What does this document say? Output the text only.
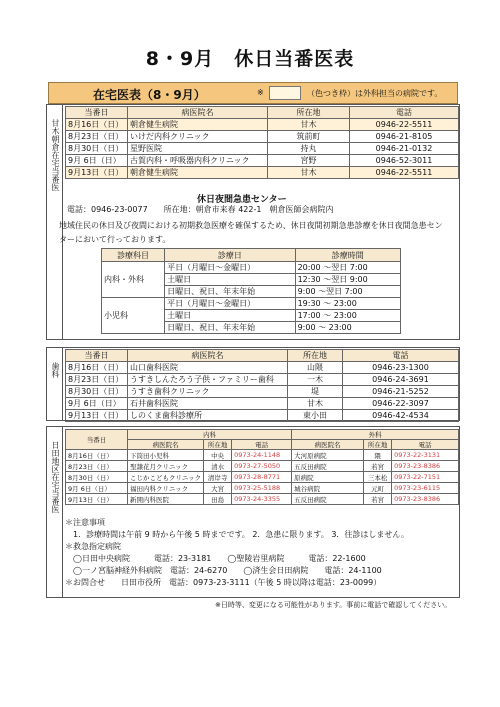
8・9月　休日当番医表
在宅医表（8・9月）	※	（色つき枠）は外科担当の病院です。
甘木朝倉在宅当番医
当番日	病医院名	所在地	電話
8月16日（日）	朝倉健生病院	甘木	0946-22-5511
8月23日（日）	いけだ内科クリニック	筑前町	0946-21-8105
8月30日（日）	星野医院	持丸	0946-21-0132
9月 6日（日）	古賀内科・呼吸器内科クリニック	宮野	0946-52-3011
9月13日（日）	朝倉健生病院	甘木	0946-22-5511
休日夜間急患センター
電話：0946-23-0077　　所在地：朝倉市来春 422-1　朝倉医師会病院内
地域住民の休日及び夜間における初期救急医療を確保するため、休日夜間初期急患診療を休日夜間急患センターにおいて行っております。
診療科目	診療日	診療時間
内科・外科	平日（月曜日〜金曜日）	20:00 〜翌日 7:00
	土曜日	12:30 〜翌日 9:00
	日曜日、祝日、年末年始	9:00 〜翌日 7:00
小児科	平日（月曜日〜金曜日）	19:30 〜 23:00
	土曜日	17:00 〜 23:00
	日曜日、祝日、年末年始	9:00 〜 23:00
歯科
当番日	病医院名	所在地	電話
8月16日（日）	山口歯科医院	山隈	0946-23-1300
8月23日（日）	うすきしんたろう子供・ファミリー歯科	一木	0946-24-3691
8月30日（日）	うすき歯科クリニック	堤	0946-21-5252
9月 6日（日）	石井歯科医院	甘木	0946-22-3097
9月13日（日）	しのくま歯科診療所	東小田	0946-42-4534
日田地区在宅当番医
当番日	内科			外科		
	病医院名	所在地	電話	病医院名	所在地	電話
8月16日（日）	下筒田小児科	中央	0973-24-1148	大河原病院	隈	0973-22-3131
8月23日（日）	聖隷花月クリニック	清水	0973-27-5050	五反田病院	若宮	0973-23-8386
8月30日（日）	こじかこどもクリニック	清岸寺	0973-28-8771	原病院	三本松	0973-22-7151
9月 6日（日）	福田内科クリニック	大宮	0973-25-5188	城谷病院	元町	0973-23-6115
9月13日（日）	新開内科医院	田島	0973-24-3355	五反田病院	若宮	0973-23-8386
＊注意事項
　1．診療時間は午前 9 時から午後 5 時までです。 2．急患に限ります。 3．往診はしません。
＊救急指定病院
　◯日田中央病院　　　電話：23-3181　　◯聖陵岩里病院　　　電話：22-1600
　◯一ノ宮脳神経外科病院　電話：24-6270　　◯済生会日田病院　　電話：24-1100
＊お問合せ　　日田市役所　電話：0973-23-3111（午後 5 時以降は電話：23-0099）
※日時等、変更になる可能性があります。事前に電話で確認してください。
